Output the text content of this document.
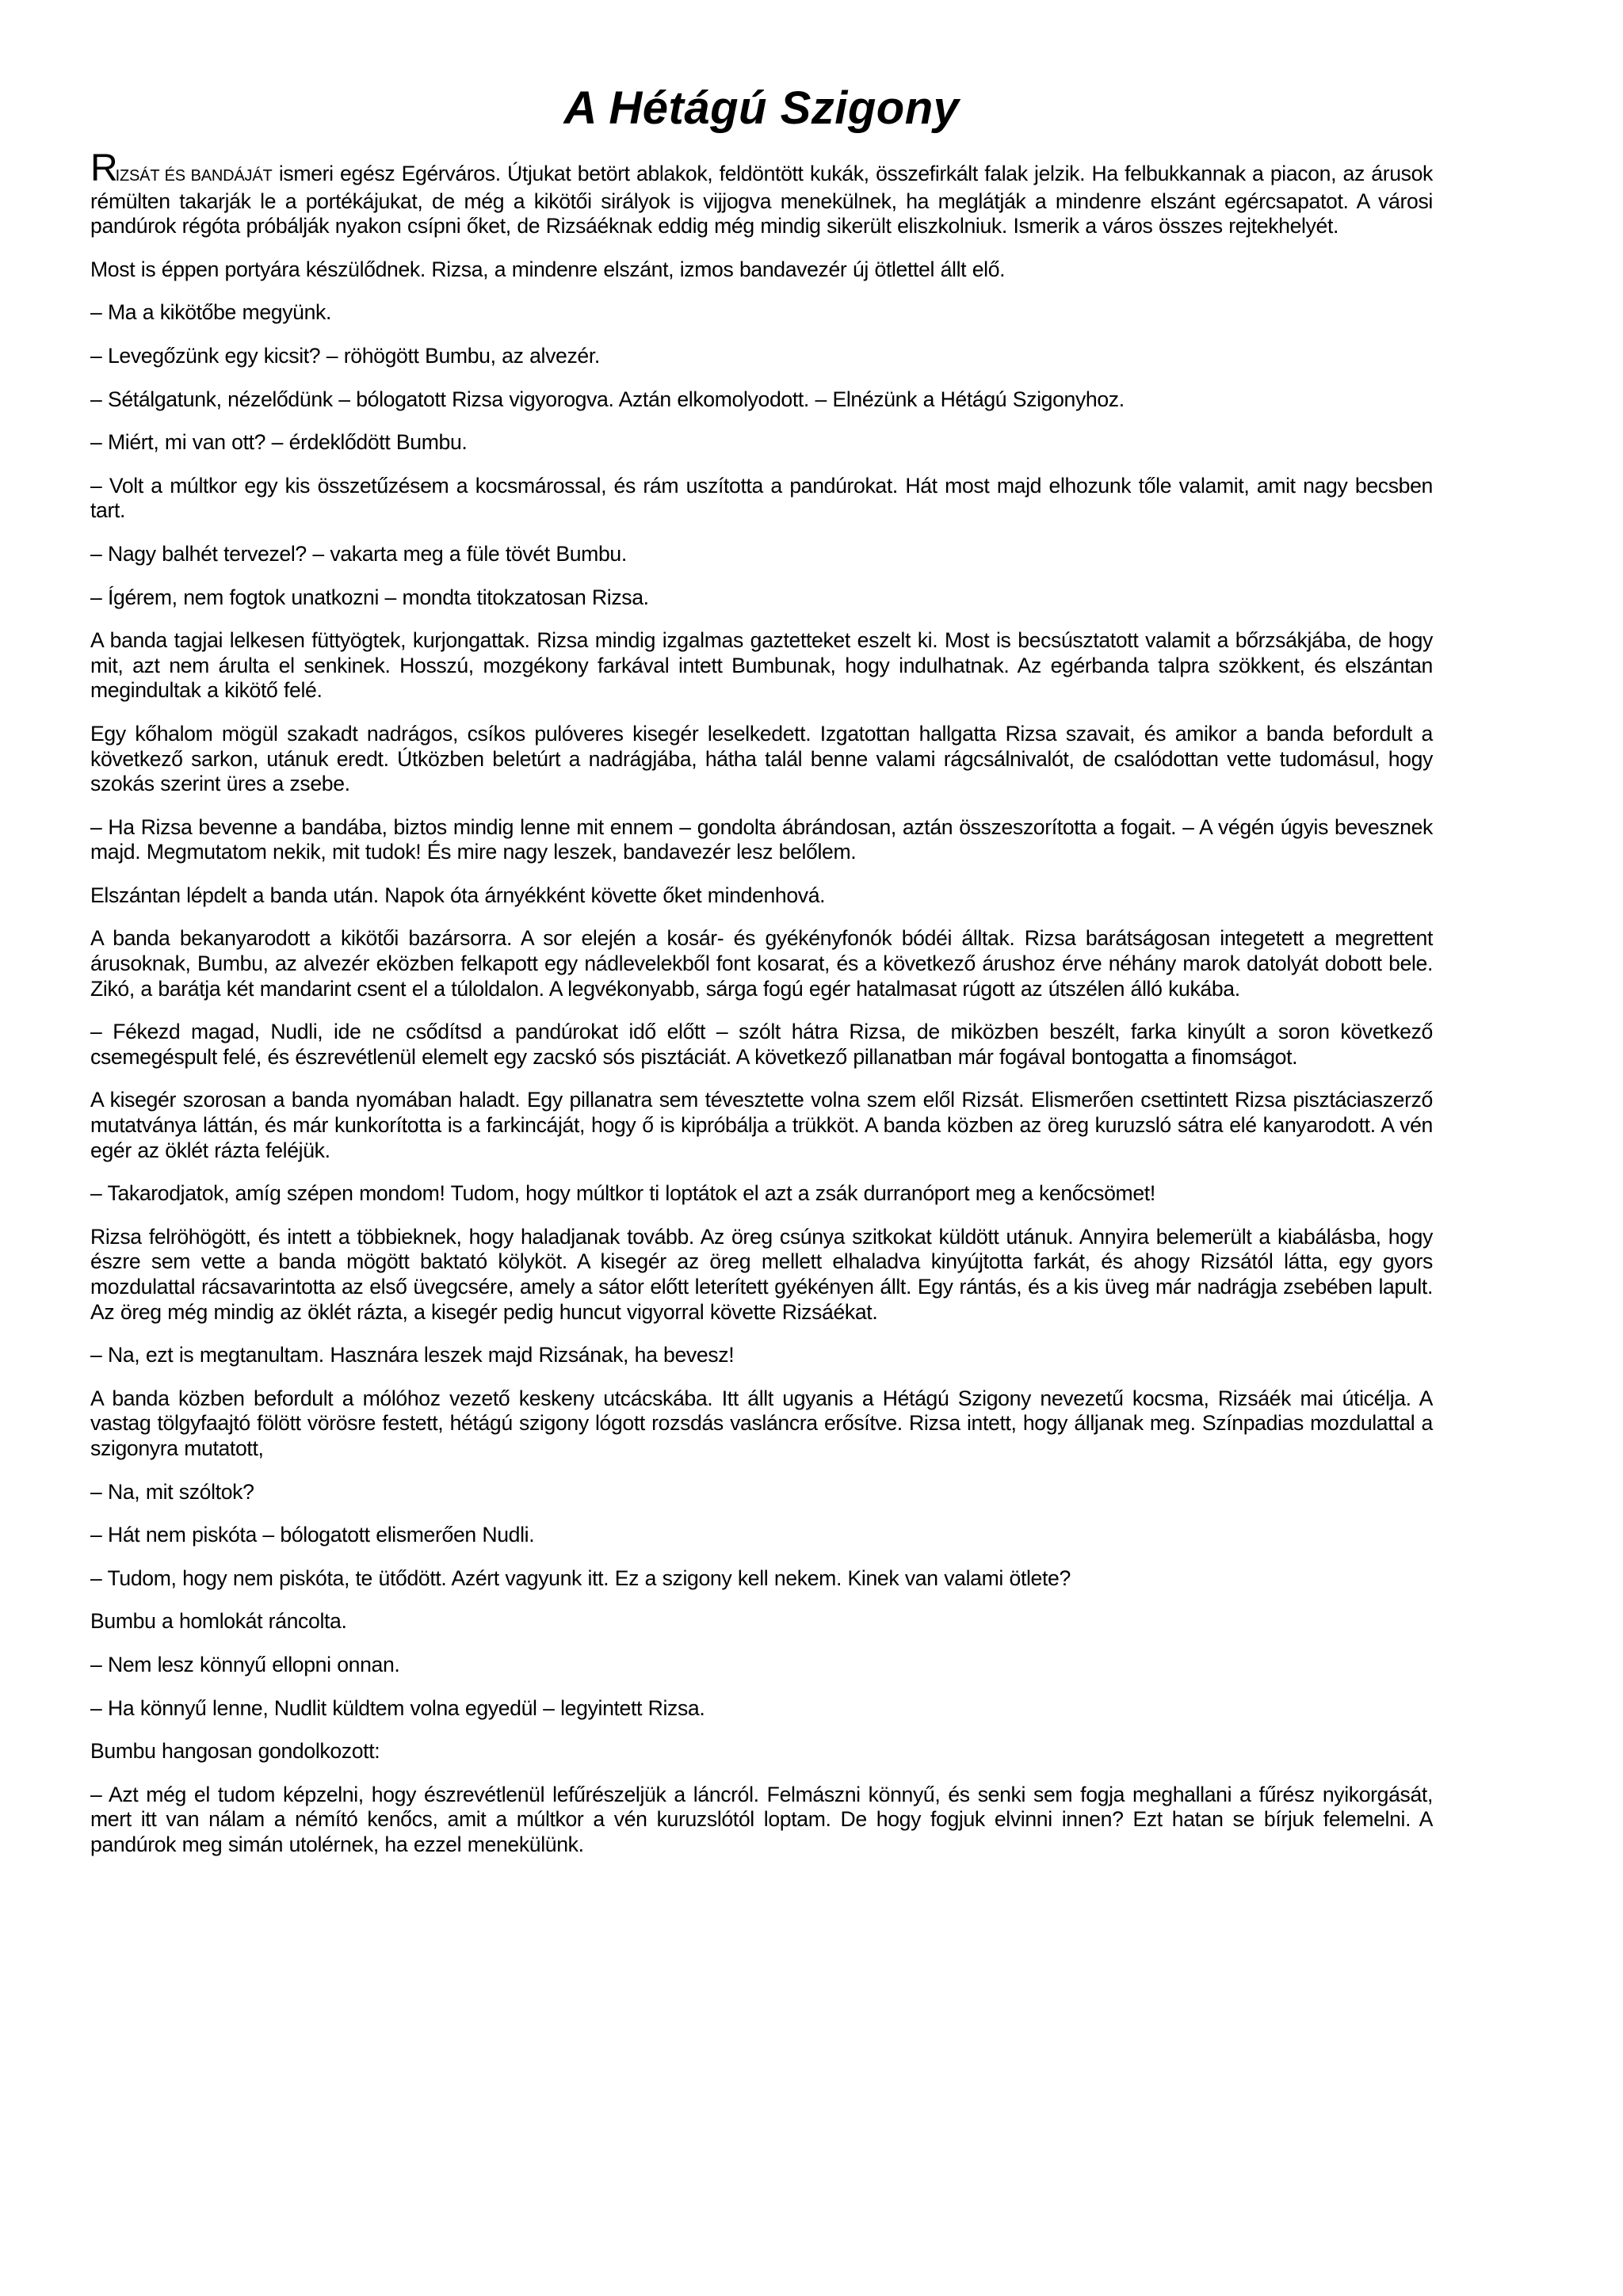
A Hétágú Szigony

RIZSÁT ÉS BANDÁJÁT ismeri egész Egérváros. Útjukat betört ablakok, feldöntött kukák, összefirkált falak jelzik. Ha felbukkannak a piacon, az árusok rémülten takarják le a portékájukat, de még a kikötői sirályok is vijjogva menekülnek, ha meglátják a mindenre elszánt egércsapatot. A városi pandúrok régóta próbálják nyakon csípni őket, de Rizsáéknak eddig még mindig sikerült eliszkolniuk. Ismerik a város összes rejtekhelyét.

Most is éppen portyára készülődnek. Rizsa, a mindenre elszánt, izmos bandavezér új ötlettel állt elő.

– Ma a kikötőbe megyünk.

– Levegőzünk egy kicsit? – röhögött Bumbu, az alvezér.

– Sétálgatunk, nézelődünk – bólogatott Rizsa vigyorogva. Aztán elkomolyodott. – Elnézünk a Hétágú Szigonyhoz.

– Miért, mi van ott? – érdeklődött Bumbu.

– Volt a múltkor egy kis összetűzésem a kocsmárossal, és rám uszította a pandúrokat. Hát most majd elhozunk tőle valamit, amit nagy becsben tart.

– Nagy balhét tervezel? – vakarta meg a füle tövét Bumbu.

– Ígérem, nem fogtok unatkozni – mondta titokzatosan Rizsa.

A banda tagjai lelkesen füttyögtek, kurjongattak. Rizsa mindig izgalmas gaztetteket eszelt ki. Most is becsúsztatott valamit a bőrzsákjába, de hogy mit, azt nem árulta el senkinek. Hosszú, mozgékony farkával intett Bumbunak, hogy indulhatnak. Az egérbanda talpra szökkent, és elszántan megindultak a kikötő felé.

Egy kőhalom mögül szakadt nadrágos, csíkos pulóveres kisegér leselkedett. Izgatottan hallgatta Rizsa szavait, és amikor a banda befordult a következő sarkon, utánuk eredt. Útközben beletúrt a nadrágjába, hátha talál benne valami rágcsálnivalót, de csalódottan vette tudomásul, hogy szokás szerint üres a zsebe.

– Ha Rizsa bevenne a bandába, biztos mindig lenne mit ennem – gondolta ábrándosan, aztán összeszorította a fogait. – A végén úgyis bevesznek majd. Megmutatom nekik, mit tudok! És mire nagy leszek, bandavezér lesz belőlem.

Elszántan lépdelt a banda után. Napok óta árnyékként követte őket mindenhová.

A banda bekanyarodott a kikötői bazársorra. A sor elején a kosár- és gyékényfonók bódéi álltak. Rizsa barátságosan integetett a megrettent árusoknak, Bumbu, az alvezér eközben felkapott egy nádlevelekből font kosarat, és a következő árushoz érve néhány marok datolyát dobott bele. Zikó, a barátja két mandarint csent el a túloldalon. A legvékonyabb, sárga fogú egér hatalmasat rúgott az útszélen álló kukába.

– Fékezd magad, Nudli, ide ne csődítsd a pandúrokat idő előtt – szólt hátra Rizsa, de miközben beszélt, farka kinyúlt a soron következő csemegéspult felé, és észrevétlenül elemelt egy zacskó sós pisztáciát. A következő pillanatban már fogával bontogatta a finomságot.

A kisegér szorosan a banda nyomában haladt. Egy pillanatra sem tévesztette volna szem elől Rizsát. Elismerően csettintett Rizsa pisztáciaszerző mutatványa láttán, és már kunkorította is a farkincáját, hogy ő is kipróbálja a trükköt. A banda közben az öreg kuruzsló sátra elé kanyarodott. A vén egér az öklét rázta feléjük.

– Takarodjatok, amíg szépen mondom! Tudom, hogy múltkor ti loptátok el azt a zsák durranóport meg a kenőcsömet!

Rizsa felröhögött, és intett a többieknek, hogy haladjanak tovább. Az öreg csúnya szitkokat küldött utánuk. Annyira belemerült a kiabálásba, hogy észre sem vette a banda mögött baktató kölyköt. A kisegér az öreg mellett elhaladva kinyújtotta farkát, és ahogy Rizsától látta, egy gyors mozdulattal rácsavarintotta az első üvegcsére, amely a sátor előtt leterített gyékényen állt. Egy rántás, és a kis üveg már nadrágja zsebében lapult. Az öreg még mindig az öklét rázta, a kisegér pedig huncut vigyorral követte Rizsáékat.

– Na, ezt is megtanultam. Hasznára leszek majd Rizsának, ha bevesz!

A banda közben befordult a mólóhoz vezető keskeny utcácskába. Itt állt ugyanis a Hétágú Szigony nevezetű kocsma, Rizsáék mai úticélja. A vastag tölgyfaajtó fölött vörösre festett, hétágú szigony lógott rozsdás vasláncra erősítve. Rizsa intett, hogy álljanak meg. Színpadias mozdulattal a szigonyra mutatott,

– Na, mit szóltok?

– Hát nem piskóta – bólogatott elismerően Nudli.

– Tudom, hogy nem piskóta, te ütődött. Azért vagyunk itt. Ez a szigony kell nekem. Kinek van valami ötlete?

Bumbu a homlokát ráncolta.

– Nem lesz könnyű ellopni onnan.

– Ha könnyű lenne, Nudlit küldtem volna egyedül – legyintett Rizsa.

Bumbu hangosan gondolkozott:

– Azt még el tudom képzelni, hogy észrevétlenül lefűrészeljük a láncról. Felmászni könnyű, és senki sem fogja meghallani a fűrész nyikorgását, mert itt van nálam a némító kenőcs, amit a múltkor a vén kuruzslótól loptam. De hogy fogjuk elvinni innen? Ezt hatan se bírjuk felemelni. A pandúrok meg simán utolérnek, ha ezzel menekülünk.
